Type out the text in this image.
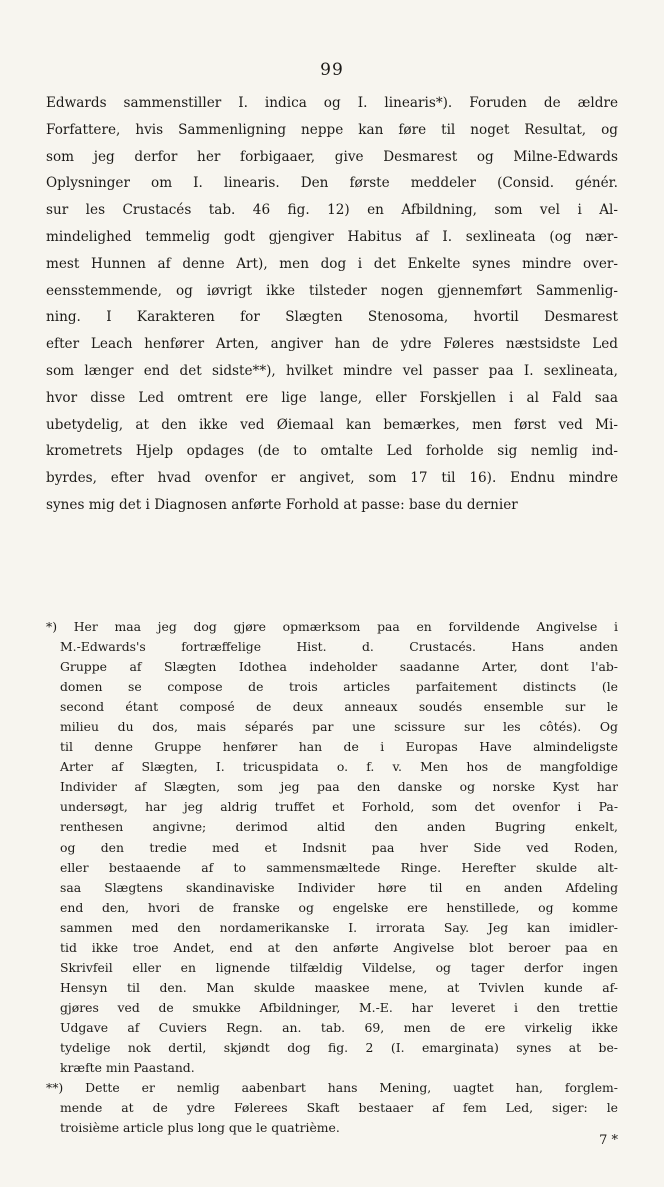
99
Edwards sammenstiller I. indica og I. linearis*). Foruden de ældre
Forfattere, hvis Sammenligning neppe kan føre til noget Resultat, og
som jeg derfor her forbigaaer, give Desmarest og Milne-Edwards
Oplysninger om I. linearis. Den første meddeler (Consid. génér.
sur les Crustacés tab. 46 fig. 12) en Afbildning, som vel i Al-
mindelighed temmelig godt gjengiver Habitus af I. sexlineata (og nær-
mest Hunnen af denne Art), men dog i det Enkelte synes mindre over-
eensstemmende, og iøvrigt ikke tilsteder nogen gjennemført Sammenlig-
ning. I Karakteren for Slægten Stenosoma, hvortil Desmarest
efter Leach henfører Arten, angiver han de ydre Føleres næstsidste Led
som længer end det sidste**), hvilket mindre vel passer paa I. sexlineata,
hvor disse Led omtrent ere lige lange, eller Forskjellen i al Fald saa
ubetydelig, at den ikke ved Øiemaal kan bemærkes, men først ved Mi-
krometrets Hjelp opdages (de to omtalte Led forholde sig nemlig ind-
byrdes, efter hvad ovenfor er angivet, som 17 til 16). Endnu mindre
synes mig det i Diagnosen anførte Forhold at passe: base du dernier
*) Her maa jeg dog gjøre opmærksom paa en forvildende Angivelse i
M.-Edwards's fortræffelige Hist. d. Crustacés. Hans anden
Gruppe af Slægten Idothea indeholder saadanne Arter, dont l'ab-
domen se compose de trois articles parfaitement distincts (le
second étant composé de deux anneaux soudés ensemble sur le
milieu du dos, mais séparés par une scissure sur les côtés). Og
til denne Gruppe henfører han de i Europas Have almindeligste
Arter af Slægten, I. tricuspidata o. f. v. Men hos de mangfoldige
Individer af Slægten, som jeg paa den danske og norske Kyst har
undersøgt, har jeg aldrig truffet et Forhold, som det ovenfor i Pa-
renthesen angivne; derimod altid den anden Bugring enkelt,
og den tredie med et Indsnit paa hver Side ved Roden,
eller bestaaende af to sammensmæltede Ringe. Herefter skulde alt-
saa Slægtens skandinaviske Individer høre til en anden Afdeling
end den, hvori de franske og engelske ere henstillede, og komme
sammen med den nordamerikanske I. irrorata Say. Jeg kan imidler-
tid ikke troe Andet, end at den anførte Angivelse blot beroer paa en
Skrivfeil eller en lignende tilfældig Vildelse, og tager derfor ingen
Hensyn til den. Man skulde maaskee mene, at Tvivlen kunde af-
gjøres ved de smukke Afbildninger, M.-E. har leveret i den trettie
Udgave af Cuviers Regn. an. tab. 69, men de ere virkelig ikke
tydelige nok dertil, skjøndt dog fig. 2 (I. emarginata) synes at be-
kræfte min Paastand.
**) Dette er nemlig aabenbart hans Mening, uagtet han, forglem-
mende at de ydre Følerees Skaft bestaaer af fem Led, siger: le
troisième article plus long que le quatrième.
7 *
